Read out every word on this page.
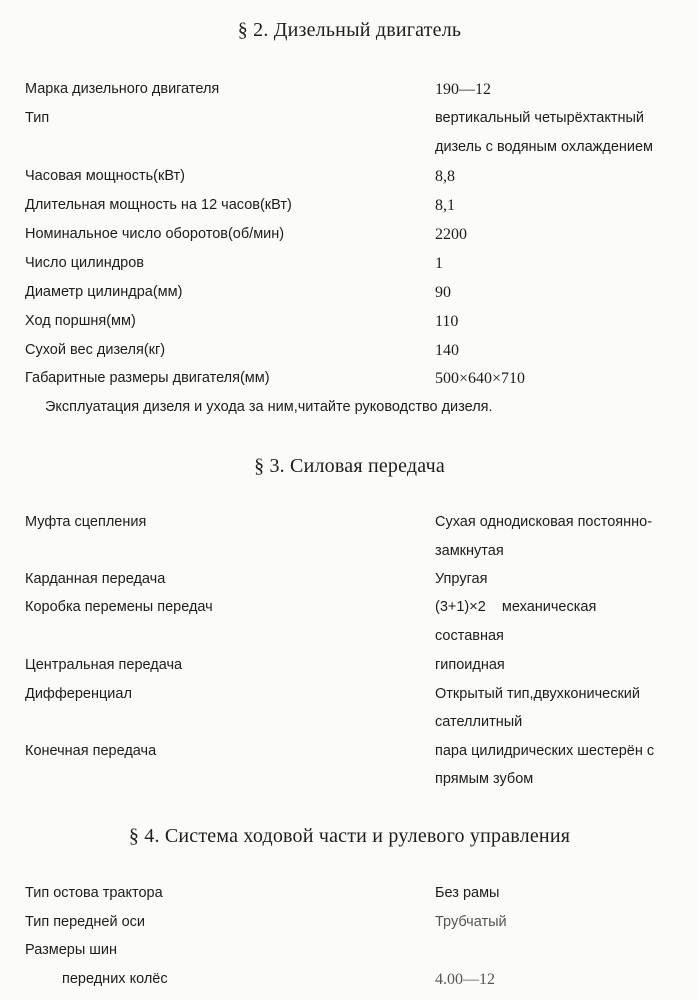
§ 2. Дизельный двигатель
Марка дизельного двигателя	190—12
Тип	вертикальный четырёхтактный
дизель с водяным охлаждением
Часовая мощность(кВт)	8,8
Длительная мощность на 12 часов(кВт)	8,1
Номинальное число оборотов(об/мин)	2200
Число цилиндров	1
Диаметр цилиндра(мм)	90
Ход поршня(мм)	110
Сухой вес дизеля(кг)	140
Габаритные размеры двигателя(мм)	500×640×710
Эксплуатация дизеля и ухода за ним,читайте руководство дизеля.
§ 3. Силовая передача
Муфта сцепления	Сухая однодисковая постоянно-
замкнутая
Карданная передача	Упругая
Коробка перемены передач	(3+1)×2    механическая
составная
Центральная передача	гипоидная
Дифференциал	Открытый тип,двухконический
сателлитный
Конечная передача	пара цилидрических шестерён с
прямым зубом
§ 4. Система ходовой части и рулевого управления
Тип остова трактора	Без рамы
Тип передней оси	Трубчатый
Размеры шин
передних колёс	4.00—12
